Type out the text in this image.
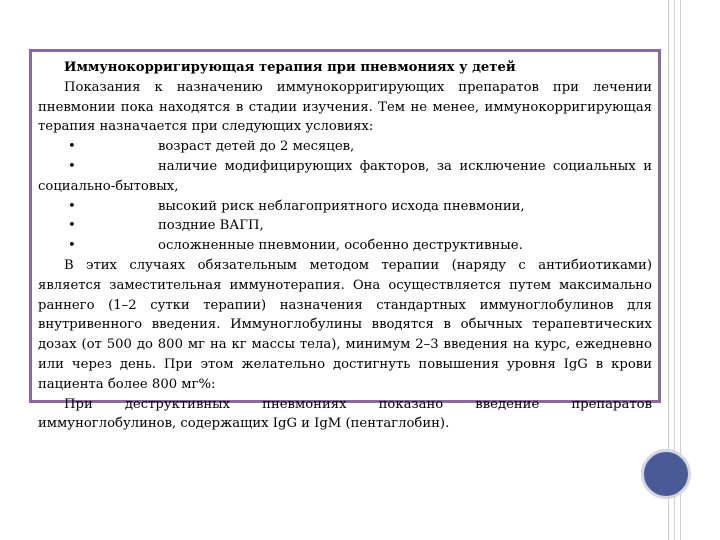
Иммунокорригирующая терапия при пневмониях у детей

Показания к назначению иммунокорригирующих препаратов при лечении пневмонии пока находятся в стадии изучения. Тем не менее, иммунокорригирующая терапия назначается при следующих условиях:

•	возраст детей до 2 месяцев,
•	наличие модифицирующих факторов, за исключение социальных и

социально-бытовых,

•	высокий риск неблагоприятного исхода пневмонии,
•	поздние ВАГП,
•	осложненные пневмонии, особенно деструктивные.

В этих случаях обязательным методом терапии (наряду с антибиотиками) является заместительная иммунотерапия. Она осуществляется путем максимально раннего (1–2 сутки терапии) назначения стандартных иммуноглобулинов для внутривенного введения. Иммуноглобулины вводятся в обычных терапевтических дозах (от 500 до 800 мг на кг массы тела), минимум 2–3 введения на курс, ежедневно или через день. При этом желательно достигнуть повышения уровня IgG в крови пациента более 800 мг%:

При деструктивных пневмониях показано введение препаратов иммуноглобулинов, содержащих IgG и IgM (пентаглобин).
